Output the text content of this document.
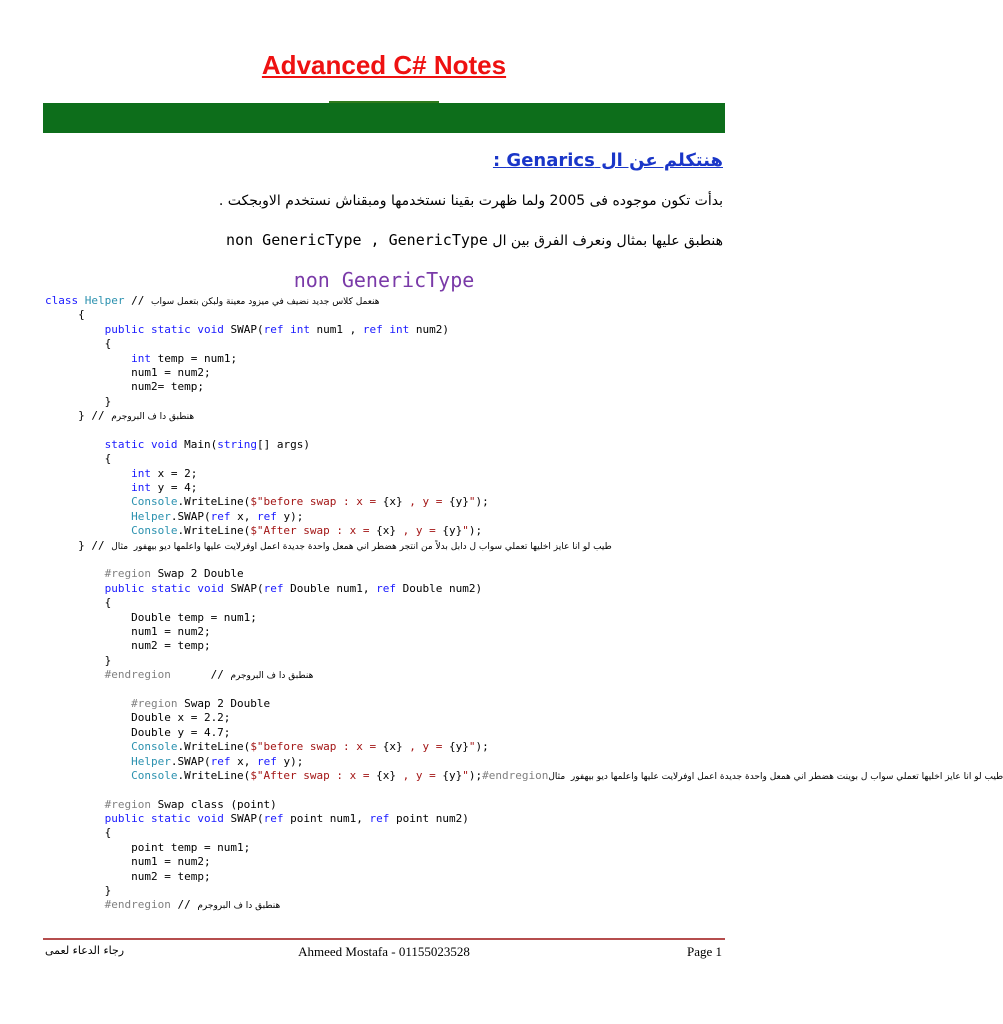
Advanced C# Notes
هنتكلم عن ال Genarics :
بدأت تكون موجوده فى 2005 ولما ظهرت بقينا نستخدمها ومبقناش نستخدم الاوبجكت .
هنطبق عليها بمثال ونعرف الفرق بين ال non GenericType , GenericType
non GenericType
class Helper // هنعمل كلاس جديد نضيف في ميزود معينة ولبكن بتعمل سواب
{
public static void SWAP(ref int num1 , ref int num2)
{
int temp = num1;
num1 = num2;
num2= temp;
}
} // هنطبق دا ف البروجرم
static void Main(string[] args)
{
int x = 2;
int y = 4;
Console.WriteLine($"before swap : x = {x} , y = {y}");
Helper.SWAP(ref x, ref y);
Console.WriteLine($"After swap : x = {x} , y = {y}");
} // طيب لو انا عايز اخليها تعملي سواب ل دابل بدلاً من انتجر هضطر اني همعل واحدة جديدة اعمل اوفرلايت عليها واعلمها ديو بيهفور  مثال
#region Swap 2 Double
public static void SWAP(ref Double num1, ref Double num2)
{
Double temp = num1;
num1 = num2;
num2 = temp;
}
#endregion      // هنطبق دا ف البروجرم
#region Swap 2 Double
Double x = 2.2;
Double y = 4.7;
Console.WriteLine($"before swap : x = {x} , y = {y}");
Helper.SWAP(ref x, ref y);
Console.WriteLine($"After swap : x = {x} , y = {y}");#endregionطيب لو انا عايز اخليها تعملي سواب ل بوينت هضطر اني همعل واحدة جديدة اعمل اوفرلايت عليها واعلمها ديو بيهفور  مثال
#region Swap class (point)
public static void SWAP(ref point num1, ref point num2)
{
point temp = num1;
num1 = num2;
num2 = temp;
}
#endregion // هنطبق دا ف البروجرم
رجاء الدعاء لعمى	Ahmeed Mostafa - 01155023528	Page 1
